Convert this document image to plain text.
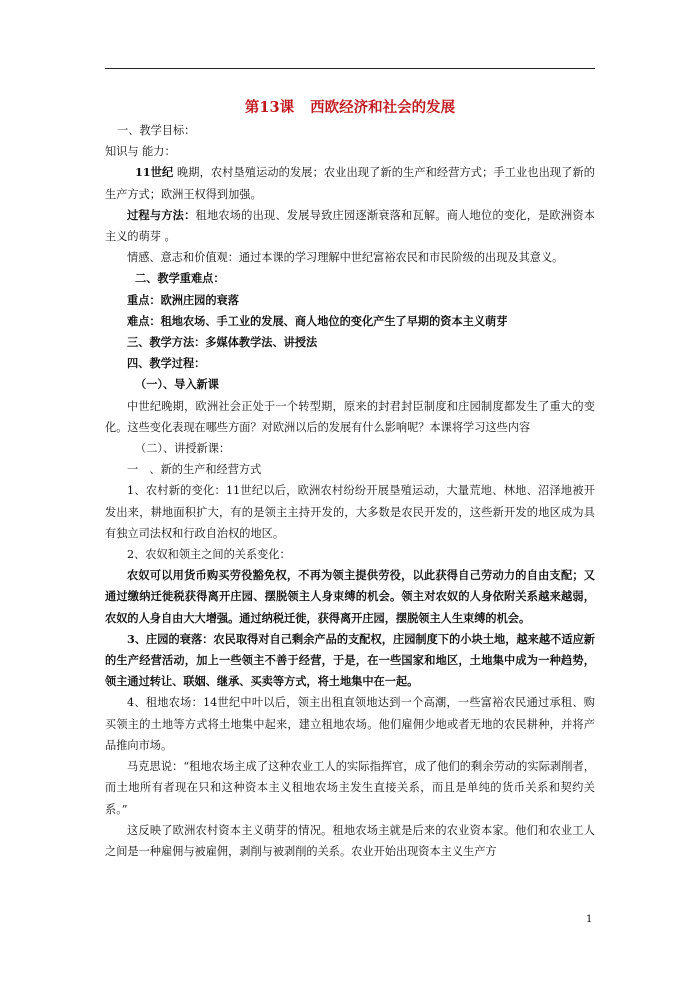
第13课 西欧经济和社会的发展

一、教学目标：

知识与 能力：

11世纪 晚期，农村垦殖运动的发展；农业出现了新的生产和经营方式；手工业也出现了新的生产方式；欧洲王权得到加强。

过程与方法：租地农场的出现、发展导致庄园逐渐衰落和瓦解。商人地位的变化，是欧洲资本主义的萌芽 。

情感、意志和价值观：通过本课的学习理解中世纪富裕农民和市民阶级的出现及其意义。

二、教学重难点：

重点：欧洲庄园的衰落

难点：租地农场、手工业的发展、商人地位的变化产生了早期的资本主义萌芽

三、教学方法：多媒体教学法、讲授法

四、教学过程：

（一）、导入新课

中世纪晚期，欧洲社会正处于一个转型期，原来的封君封臣制度和庄园制度都发生了重大的变化。这些变化表现在哪些方面？对欧洲以后的发展有什么影响呢？本课将学习这些内容

（二）、讲授新课：

一　、新的生产和经营方式

1、农村新的变化：11世纪以后，欧洲农村纷纷开展垦殖运动，大量荒地、林地、沼泽地被开发出来，耕地面积扩大，有的是领主主持开发的，大多数是农民开发的，这些新开发的地区成为具有独立司法权和行政自治权的地区。

2、农奴和领主之间的关系变化：

农奴可以用货币购买劳役豁免权，不再为领主提供劳役，以此获得自己劳动力的自由支配；又通过缴纳迁徙税获得离开庄园、摆脱领主人身束缚的机会。领主对农奴的人身依附关系越来越弱，农奴的人身自由大大增强。通过纳税迁徙，获得离开庄园，摆脱领主人生束缚的机会。

3、庄园的衰落：农民取得对自己剩余产品的支配权，庄园制度下的小块土地，越来越不适应新的生产经营活动，加上一些领主不善于经营，于是，在一些国家和地区，土地集中成为一种趋势，领主通过转让、联姻、继承、买卖等方式，将土地集中在一起。

4、租地农场：14世纪中叶以后，领主出租直领地达到一个高潮，一些富裕农民通过承租、购买领主的土地等方式将土地集中起来，建立租地农场。他们雇佣少地或者无地的农民耕种，并将产品推向市场。

马克思说：“租地农场主成了这种农业工人的实际指挥官，成了他们的剩余劳动的实际剥削者，而土地所有者现在只和这种资本主义租地农场主发生直接关系，而且是单纯的货币关系和契约关系。”

这反映了欧洲农村资本主义萌芽的情况。租地农场主就是后来的农业资本家。他们和农业工人之间是一种雇佣与被雇佣，剥削与被剥削的关系。农业开始出现资本主义生产方

1
